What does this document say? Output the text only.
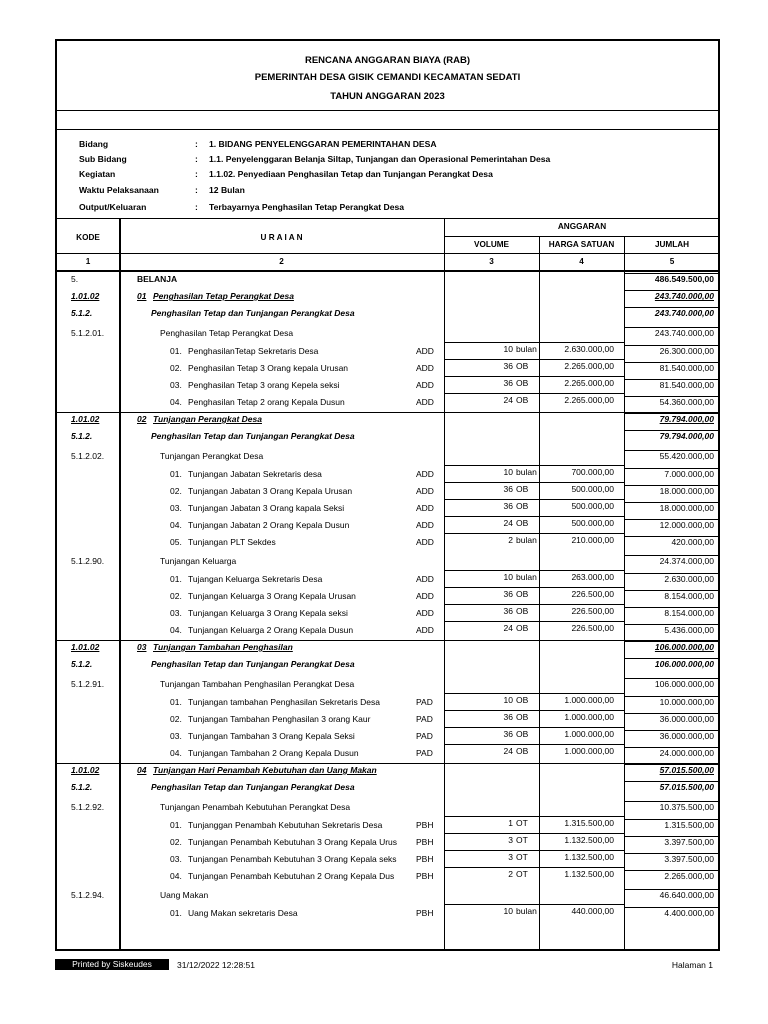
RENCANA ANGGARAN BIAYA (RAB)
PEMERINTAH DESA GISIK CEMANDI KECAMATAN SEDATI
TAHUN ANGGARAN 2023
Bidang	: 1. BIDANG PENYELENGGARAN PEMERINTAHAN DESA
Sub Bidang	: 1.1. Penyelenggaran Belanja Siltap, Tunjangan dan Operasional Pemerintahan Desa
Kegiatan	: 1.1.02. Penyediaan Penghasilan Tetap dan Tunjangan Perangkat Desa
Waktu Pelaksanaan	: 12 Bulan
Output/Keluaran	: Terbayarnya Penghasilan Tetap Perangkat Desa
KODE	U R A I A N
ANGGARAN
VOLUME	HARGA SATUAN	JUMLAH
1	2	3	4	5
5.	BELANJA	486.549.500,00
1.01.02	01 Penghasilan Tetap Perangkat Desa	243.740.000,00
5.1.2.	Penghasilan Tetap dan Tunjangan Perangkat Desa	243.740.000,00
5.1.2.01.	Penghasilan Tetap Perangkat Desa	243.740.000,00
01. PenghasilanTetap Sekretaris Desa	ADD	10 bulan	2.630.000,00	26.300.000,00
02. Penghasilan Tetap 3 Orang kepala Urusan	ADD	36 OB	2.265.000,00	81.540.000,00
03. Penghasilan Tetap 3 orang Kepela seksi	ADD	36 OB	2.265.000,00	81.540.000,00
04. Penghasilan Tetap 2 orang Kepala Dusun	ADD	24 OB	2.265.000,00	54.360.000,00
1.01.02	02 Tunjangan Perangkat Desa	79.794.000,00
5.1.2.	Penghasilan Tetap dan Tunjangan Perangkat Desa	79.794.000,00
5.1.2.02.	Tunjangan Perangkat Desa	55.420.000,00
01. Tunjangan Jabatan Sekretaris desa	ADD	10 bulan	700.000,00	7.000.000,00
02. Tunjangan Jabatan 3 Orang Kepala Urusan	ADD	36 OB	500.000,00	18.000.000,00
03. Tunjangan Jabatan 3 Orang kapala Seksi	ADD	36 OB	500.000,00	18.000.000,00
04. Tunjangan Jabatan 2 Orang Kepala Dusun	ADD	24 OB	500.000,00	12.000.000,00
05. Tunjangan PLT Sekdes	ADD	2 bulan	210.000,00	420.000,00
5.1.2.90.	Tunjangan Keluarga	24.374.000,00
01. Tujangan Keluarga Sekretaris Desa	ADD	10 bulan	263.000,00	2.630.000,00
02. Tunjangan Keluarga 3 Orang Kepala Urusan	ADD	36 OB	226.500,00	8.154.000,00
03. Tunjangan Keluarga 3 Orang Kepala seksi	ADD	36 OB	226.500,00	8.154.000,00
04. Tunjangan Keluarga 2 Orang Kepala Dusun	ADD	24 OB	226.500,00	5.436.000,00
1.01.02	03 Tunjangan Tambahan Penghasilan	106.000.000,00
5.1.2.	Penghasilan Tetap dan Tunjangan Perangkat Desa	106.000.000,00
5.1.2.91.	Tunjangan Tambahan Penghasilan Perangkat Desa	106.000.000,00
01. Tunjangan tambahan Penghasilan Sekretaris Desa	PAD	10 OB	1.000.000,00	10.000.000,00
02. Tunjangan Tambahan Penghasilan 3 orang Kaur	PAD	36 OB	1.000.000,00	36.000.000,00
03. Tunjangan Tambahan 3 Orang Kepala Seksi	PAD	36 OB	1.000.000,00	36.000.000,00
04. Tunjangan Tambahan 2 Orang Kepala Dusun	PAD	24 OB	1.000.000,00	24.000.000,00
1.01.02	04 Tunjangan Hari Penambah Kebutuhan dan Uang Makan	57.015.500,00
5.1.2.	Penghasilan Tetap dan Tunjangan Perangkat Desa	57.015.500,00
5.1.2.92.	Tunjangan Penambah Kebutuhan Perangkat Desa	10.375.500,00
01. Tunjanggan Penambah Kebutuhan Sekretaris Desa	PBH	1 OT	1.315.500,00	1.315.500,00
02. Tunjangan Penambah Kebutuhan 3 Orang Kepala Urus PBH	3 OT	1.132.500,00	3.397.500,00
03. Tunjangan Penambah Kebutuhan 3 Orang Kepala seks PBH	3 OT	1.132.500,00	3.397.500,00
04. Tunjangan Penambah Kebutuhan 2 Orang Kepala Dus	PBH	2 OT	1.132.500,00	2.265.000,00
5.1.2.94.	Uang Makan	46.640.000,00
01. Uang Makan sekretaris Desa	PBH	10 bulan	440.000,00	4.400.000,00
Printed by Siskeudes	31/12/2022 12:28:51	Halaman 1
